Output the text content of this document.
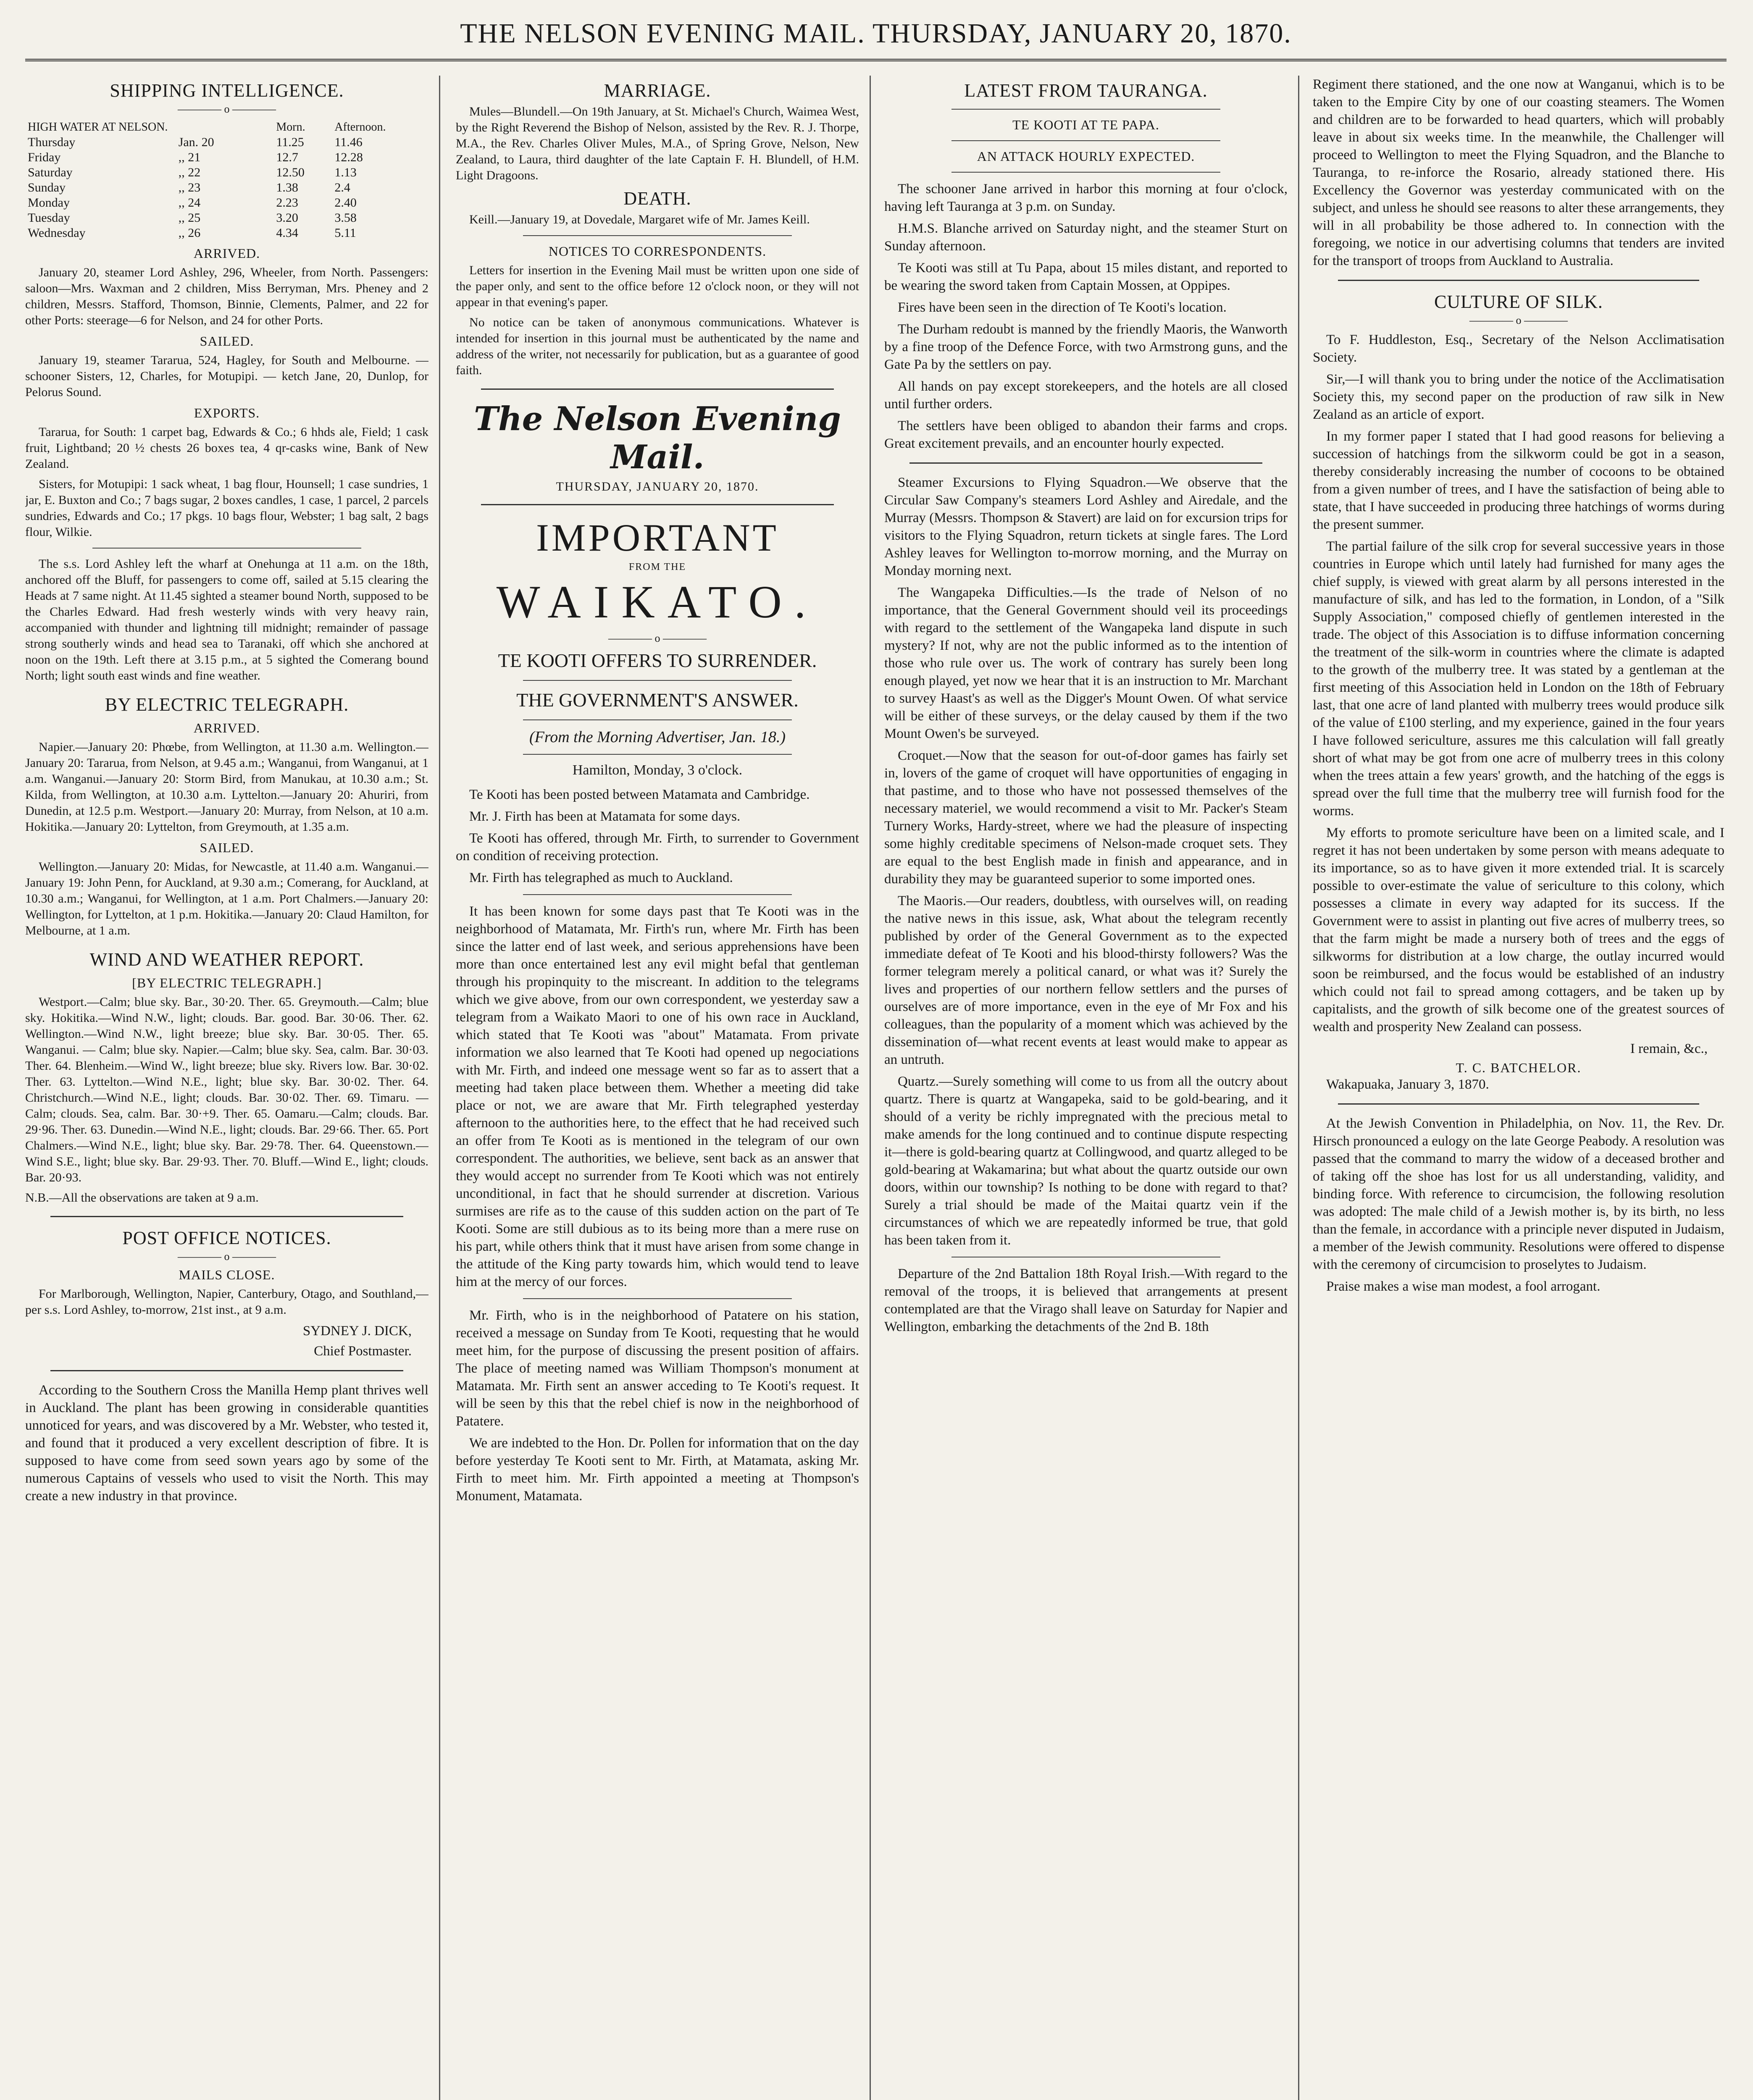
THE NELSON EVENING MAIL. THURSDAY, JANUARY 20, 1870.
SHIPPING INTELLIGENCE.
———— o ————
HIGH WATER AT NELSON.		Morn.	Afternoon.
Thursday	Jan. 20	11.25	11.46
Friday	,, 21	12.7	12.28
Saturday	,, 22	12.50	1.13
Sunday	,, 23	1.38	2.4
Monday	,, 24	2.23	2.40
Tuesday	,, 25	3.20	3.58
Wednesday	,, 26	4.34	5.11
ARRIVED.

January 20, steamer Lord Ashley, 296, Wheeler, from North. Passengers: saloon—Mrs. Waxman and 2 children, Miss Berryman, Mrs. Pheney and 2 children, Messrs. Stafford, Thomson, Binnie, Clements, Palmer, and 22 for other Ports: steerage—6 for Nelson, and 24 for other Ports.

SAILED.

January 19, steamer Tararua, 524, Hagley, for South and Melbourne. — schooner Sisters, 12, Charles, for Motupipi. — ketch Jane, 20, Dunlop, for Pelorus Sound.

EXPORTS.

Tararua, for South: 1 carpet bag, Edwards & Co.; 6 hhds ale, Field; 1 cask fruit, Lightband; 20 ½ chests 26 boxes tea, 4 qr-casks wine, Bank of New Zealand.

Sisters, for Motupipi: 1 sack wheat, 1 bag flour, Hounsell; 1 case sundries, 1 jar, E. Buxton and Co.; 7 bags sugar, 2 boxes candles, 1 case, 1 parcel, 2 parcels sundries, Edwards and Co.; 17 pkgs. 10 bags flour, Webster; 1 bag salt, 2 bags flour, Wilkie.

The s.s. Lord Ashley left the wharf at Onehunga at 11 a.m. on the 18th, anchored off the Bluff, for passengers to come off, sailed at 5.15 clearing the Heads at 7 same night. At 11.45 sighted a steamer bound North, supposed to be the Charles Edward. Had fresh westerly winds with very heavy rain, accompanied with thunder and lightning till midnight; remainder of passage strong southerly winds and head sea to Taranaki, off which she anchored at noon on the 19th. Left there at 3.15 p.m., at 5 sighted the Comerang bound North; light south east winds and fine weather.

BY ELECTRIC TELEGRAPH.
ARRIVED.

Napier.—January 20: Phœbe, from Wellington, at 11.30 a.m. Wellington.—January 20: Tararua, from Nelson, at 9.45 a.m.; Wanganui, from Wanganui, at 1 a.m. Wanganui.—January 20: Storm Bird, from Manukau, at 10.30 a.m.; St. Kilda, from Wellington, at 10.30 a.m. Lyttelton.—January 20: Ahuriri, from Dunedin, at 12.5 p.m. Westport.—January 20: Murray, from Nelson, at 10 a.m. Hokitika.—January 20: Lyttelton, from Greymouth, at 1.35 a.m.

SAILED.

Wellington.—January 20: Midas, for Newcastle, at 11.40 a.m. Wanganui.—January 19: John Penn, for Auckland, at 9.30 a.m.; Comerang, for Auckland, at 10.30 a.m.; Wanganui, for Wellington, at 1 a.m. Port Chalmers.—January 20: Wellington, for Lyttelton, at 1 p.m. Hokitika.—January 20: Claud Hamilton, for Melbourne, at 1 a.m.

WIND AND WEATHER REPORT.
[BY ELECTRIC TELEGRAPH.]

Westport.—Calm; blue sky. Bar., 30·20. Ther. 65. Greymouth.—Calm; blue sky. Hokitika.—Wind N.W., light; clouds. Bar. good. Bar. 30·06. Ther. 62. Wellington.—Wind N.W., light breeze; blue sky. Bar. 30·05. Ther. 65. Wanganui. — Calm; blue sky. Napier.—Calm; blue sky. Sea, calm. Bar. 30·03. Ther. 64. Blenheim.—Wind W., light breeze; blue sky. Rivers low. Bar. 30·02. Ther. 63. Lyttelton.—Wind N.E., light; blue sky. Bar. 30·02. Ther. 64. Christchurch.—Wind N.E., light; clouds. Bar. 30·02. Ther. 69. Timaru. — Calm; clouds. Sea, calm. Bar. 30·+9. Ther. 65. Oamaru.—Calm; clouds. Bar. 29·96. Ther. 63. Dunedin.—Wind N.E., light; clouds. Bar. 29·66. Ther. 65. Port Chalmers.—Wind N.E., light; blue sky. Bar. 29·78. Ther. 64. Queenstown.—Wind S.E., light; blue sky. Bar. 29·93. Ther. 70. Bluff.—Wind E., light; clouds. Bar. 20·93.

N.B.—All the observations are taken at 9 a.m.

POST OFFICE NOTICES.
———— o ————
MAILS CLOSE.

For Marlborough, Wellington, Napier, Canterbury, Otago, and Southland,—per s.s. Lord Ashley, to-morrow, 21st inst., at 9 a.m.

SYDNEY J. DICK,
Chief Postmaster.

According to the Southern Cross the Manilla Hemp plant thrives well in Auckland. The plant has been growing in considerable quantities unnoticed for years, and was discovered by a Mr. Webster, who tested it, and found that it produced a very excellent description of fibre. It is supposed to have come from seed sown years ago by some of the numerous Captains of vessels who used to visit the North. This may create a new industry in that province.

MARRIAGE.

Mules—Blundell.—On 19th January, at St. Michael's Church, Waimea West, by the Right Reverend the Bishop of Nelson, assisted by the Rev. R. J. Thorpe, M.A., the Rev. Charles Oliver Mules, M.A., of Spring Grove, Nelson, New Zealand, to Laura, third daughter of the late Captain F. H. Blundell, of H.M. Light Dragoons.

DEATH.

Keill.—January 19, at Dovedale, Margaret wife of Mr. James Keill.

NOTICES TO CORRESPONDENTS.

Letters for insertion in the Evening Mail must be written upon one side of the paper only, and sent to the office before 12 o'clock noon, or they will not appear in that evening's paper.

No notice can be taken of anonymous communications. Whatever is intended for insertion in this journal must be authenticated by the name and address of the writer, not necessarily for publication, but as a guarantee of good faith.

The Nelson Evening Mail.
THURSDAY, JANUARY 20, 1870.
IMPORTANT
FROM THE
WAIKATO.
———— o ————
TE KOOTI OFFERS TO SURRENDER.
THE GOVERNMENT'S ANSWER.
(From the Morning Advertiser, Jan. 18.)
Hamilton, Monday, 3 o'clock.

Te Kooti has been posted between Matamata and Cambridge.

Mr. J. Firth has been at Matamata for some days.

Te Kooti has offered, through Mr. Firth, to surrender to Government on condition of receiving protection.

Mr. Firth has telegraphed as much to Auckland.

It has been known for some days past that Te Kooti was in the neighborhood of Matamata, Mr. Firth's run, where Mr. Firth has been since the latter end of last week, and serious apprehensions have been more than once entertained lest any evil might befal that gentleman through his propinquity to the miscreant. In addition to the telegrams which we give above, from our own correspondent, we yesterday saw a telegram from a Waikato Maori to one of his own race in Auckland, which stated that Te Kooti was "about" Matamata. From private information we also learned that Te Kooti had opened up negociations with Mr. Firth, and indeed one message went so far as to assert that a meeting had taken place between them. Whether a meeting did take place or not, we are aware that Mr. Firth telegraphed yesterday afternoon to the authorities here, to the effect that he had received such an offer from Te Kooti as is mentioned in the telegram of our own correspondent. The authorities, we believe, sent back as an answer that they would accept no surrender from Te Kooti which was not entirely unconditional, in fact that he should surrender at discretion. Various surmises are rife as to the cause of this sudden action on the part of Te Kooti. Some are still dubious as to its being more than a mere ruse on his part, while others think that it must have arisen from some change in the attitude of the King party towards him, which would tend to leave him at the mercy of our forces.

Mr. Firth, who is in the neighborhood of Patatere on his station, received a message on Sunday from Te Kooti, requesting that he would meet him, for the purpose of discussing the present position of affairs. The place of meeting named was William Thompson's monument at Matamata. Mr. Firth sent an answer acceding to Te Kooti's request. It will be seen by this that the rebel chief is now in the neighborhood of Patatere.

We are indebted to the Hon. Dr. Pollen for information that on the day before yesterday Te Kooti sent to Mr. Firth, at Matamata, asking Mr. Firth to meet him. Mr. Firth appointed a meeting at Thompson's Monument, Matamata.

LATEST FROM TAURANGA.
TE KOOTI AT TE PAPA.
AN ATTACK HOURLY EXPECTED.

The schooner Jane arrived in harbor this morning at four o'clock, having left Tauranga at 3 p.m. on Sunday.

H.M.S. Blanche arrived on Saturday night, and the steamer Sturt on Sunday afternoon.

Te Kooti was still at Tu Papa, about 15 miles distant, and reported to be wearing the sword taken from Captain Mossen, at Oppipes.

Fires have been seen in the direction of Te Kooti's location.

The Durham redoubt is manned by the friendly Maoris, the Wanworth by a fine troop of the Defence Force, with two Armstrong guns, and the Gate Pa by the settlers on pay.

All hands on pay except storekeepers, and the hotels are all closed until further orders.

The settlers have been obliged to abandon their farms and crops. Great excitement prevails, and an encounter hourly expected.

Steamer Excursions to Flying Squadron.—We observe that the Circular Saw Company's steamers Lord Ashley and Airedale, and the Murray (Messrs. Thompson & Stavert) are laid on for excursion trips for visitors to the Flying Squadron, return tickets at single fares. The Lord Ashley leaves for Wellington to-morrow morning, and the Murray on Monday morning next.

The Wangapeka Difficulties.—Is the trade of Nelson of no importance, that the General Government should veil its proceedings with regard to the settlement of the Wangapeka land dispute in such mystery? If not, why are not the public informed as to the intention of those who rule over us. The work of contrary has surely been long enough played, yet now we hear that it is an instruction to Mr. Marchant to survey Haast's as well as the Digger's Mount Owen. Of what service will be either of these surveys, or the delay caused by them if the two Mount Owen's be surveyed.

Croquet.—Now that the season for out-of-door games has fairly set in, lovers of the game of croquet will have opportunities of engaging in that pastime, and to those who have not possessed themselves of the necessary materiel, we would recommend a visit to Mr. Packer's Steam Turnery Works, Hardy-street, where we had the pleasure of inspecting some highly creditable specimens of Nelson-made croquet sets. They are equal to the best English made in finish and appearance, and in durability they may be guaranteed superior to some imported ones.

The Maoris.—Our readers, doubtless, with ourselves will, on reading the native news in this issue, ask, What about the telegram recently published by order of the General Government as to the expected immediate defeat of Te Kooti and his blood-thirsty followers? Was the former telegram merely a political canard, or what was it? Surely the lives and properties of our northern fellow settlers and the purses of ourselves are of more importance, even in the eye of Mr Fox and his colleagues, than the popularity of a moment which was achieved by the dissemination of—what recent events at least would make to appear as an untruth.

Quartz.—Surely something will come to us from all the outcry about quartz. There is quartz at Wangapeka, said to be gold-bearing, and it should of a verity be richly impregnated with the precious metal to make amends for the long continued and to continue dispute respecting it—there is gold-bearing quartz at Collingwood, and quartz alleged to be gold-bearing at Wakamarina; but what about the quartz outside our own doors, within our township? Is nothing to be done with regard to that? Surely a trial should be made of the Maitai quartz vein if the circumstances of which we are repeatedly informed be true, that gold has been taken from it.

Departure of the 2nd Battalion 18th Royal Irish.—With regard to the removal of the troops, it is believed that arrangements at present contemplated are that the Virago shall leave on Saturday for Napier and Wellington, embarking the detachments of the 2nd B. 18th

Regiment there stationed, and the one now at Wanganui, which is to be taken to the Empire City by one of our coasting steamers. The Women and children are to be forwarded to head quarters, which will probably leave in about six weeks time. In the meanwhile, the Challenger will proceed to Wellington to meet the Flying Squadron, and the Blanche to Tauranga, to re-inforce the Rosario, already stationed there. His Excellency the Governor was yesterday communicated with on the subject, and unless he should see reasons to alter these arrangements, they will in all probability be those adhered to. In connection with the foregoing, we notice in our advertising columns that tenders are invited for the transport of troops from Auckland to Australia.

CULTURE OF SILK.
———— o ————

To F. Huddleston, Esq., Secretary of the Nelson Acclimatisation Society.

Sir,—I will thank you to bring under the notice of the Acclimatisation Society this, my second paper on the production of raw silk in New Zealand as an article of export.

In my former paper I stated that I had good reasons for believing a succession of hatchings from the silkworm could be got in a season, thereby considerably increasing the number of cocoons to be obtained from a given number of trees, and I have the satisfaction of being able to state, that I have succeeded in producing three hatchings of worms during the present summer.

The partial failure of the silk crop for several successive years in those countries in Europe which until lately had furnished for many ages the chief supply, is viewed with great alarm by all persons interested in the manufacture of silk, and has led to the formation, in London, of a "Silk Supply Association," composed chiefly of gentlemen interested in the trade. The object of this Association is to diffuse information concerning the treatment of the silk-worm in countries where the climate is adapted to the growth of the mulberry tree. It was stated by a gentleman at the first meeting of this Association held in London on the 18th of February last, that one acre of land planted with mulberry trees would produce silk of the value of £100 sterling, and my experience, gained in the four years I have followed sericulture, assures me this calculation will fall greatly short of what may be got from one acre of mulberry trees in this colony when the trees attain a few years' growth, and the hatching of the eggs is spread over the full time that the mulberry tree will furnish food for the worms.

My efforts to promote sericulture have been on a limited scale, and I regret it has not been undertaken by some person with means adequate to its importance, so as to have given it more extended trial. It is scarcely possible to over-estimate the value of sericulture to this colony, which possesses a climate in every way adapted for its success. If the Government were to assist in planting out five acres of mulberry trees, so that the farm might be made a nursery both of trees and the eggs of silkworms for distribution at a low charge, the outlay incurred would soon be reimbursed, and the focus would be established of an industry which could not fail to spread among cottagers, and be taken up by capitalists, and the growth of silk become one of the greatest sources of wealth and prosperity New Zealand can possess.

I remain, &c.,
T. C. BATCHELOR.

Wakapuaka, January 3, 1870.

At the Jewish Convention in Philadelphia, on Nov. 11, the Rev. Dr. Hirsch pronounced a eulogy on the late George Peabody. A resolution was passed that the command to marry the widow of a deceased brother and of taking off the shoe has lost for us all understanding, validity, and binding force. With reference to circumcision, the following resolution was adopted: The male child of a Jewish mother is, by its birth, no less than the female, in accordance with a principle never disputed in Judaism, a member of the Jewish community. Resolutions were offered to dispense with the ceremony of circumcision to proselytes to Judaism.

Praise makes a wise man modest, a fool arrogant.
